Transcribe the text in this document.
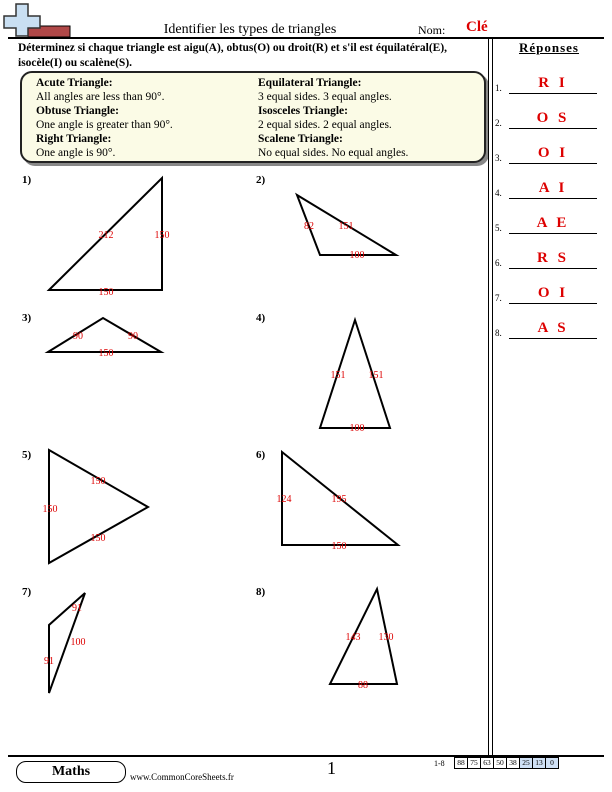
Identifier les types de triangles	Nom: Clé
Déterminez si chaque triangle est aigu(A), obtus(O) ou droit(R) et s'il est équilatéral(E), isocèle(I) ou scalène(S).
Acute Triangle:
All angles are less than 90°.
Obtuse Triangle:
One angle is greater than 90°.
Right Triangle:
One angle is 90°.
Equilateral Triangle:
3 equal sides. 3 equal angles.
Isosceles Triangle:
2 equal sides. 2 equal angles.
Scalene Triangle:
No equal sides. No equal angles.
Réponses
1.	R I
2.	O S
3.	O I
4.	A I
5.	A E
6.	R S
7.	O I
8.	A S
1)	2)
3)	4)
5)	6)
7)	8)
212	150
150
82 151
100
90	90
150
151 151
100
150
150
150
124	195
150
91
100
91
143 130
88
Maths	www.CommonCoreSheets.fr	1	1-8	88 75 63 50 38 25 13 0
